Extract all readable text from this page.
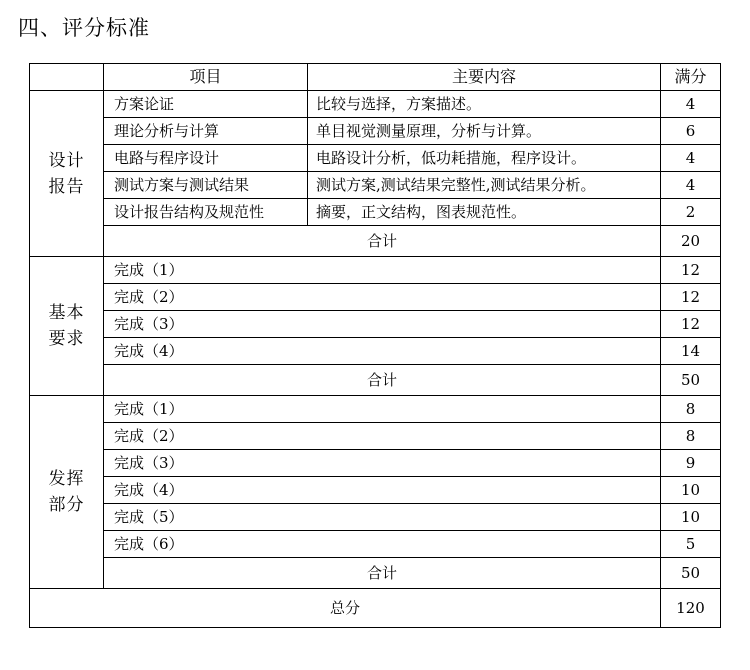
四、评分标准
	项目	主要内容	满分
设计报告	方案论证	比较与选择，方案描述。	4
	理论分析与计算	单目视觉测量原理，分析与计算。	6
	电路与程序设计	电路设计分析，低功耗措施，程序设计。	4
	测试方案与测试结果	测试方案,测试结果完整性,测试结果分析。	4
	设计报告结构及规范性	摘要，正文结构，图表规范性。	2
	合计		20
基本要求	完成（1）		12
	完成（2）		12
	完成（3）		12
	完成（4）		14
	合计		50
发挥部分	完成（1）		8
	完成（2）		8
	完成（3）		9
	完成（4）		10
	完成（5）		10
	完成（6）		5
	合计		50
总分			120
